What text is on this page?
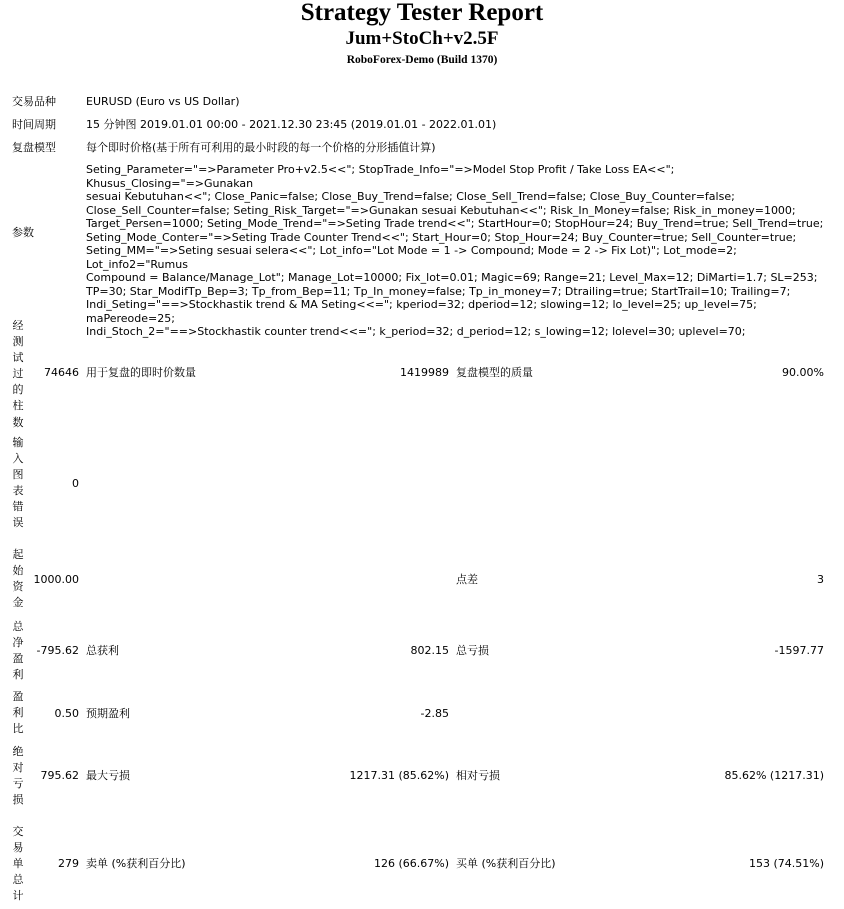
Strategy Tester Report
Jum+StoCh+v2.5F
RoboForex-Demo (Build 1370)
交易品种	EURUSD (Euro vs US Dollar)
时间周期	15 分钟图 2019.01.01 00:00 - 2021.12.30 23:45 (2019.01.01 - 2022.01.01)
复盘模型	每个即时价格(基于所有可利用的最小时段的每一个价格的分形插值计算)
参数
Seting_Parameter="=>Parameter Pro+v2.5<<"; StopTrade_Info="=>Model Stop Profit / Take Loss EA<<"; Khusus_Closing="=>Gunakan
sesuai Kebutuhan<<"; Close_Panic=false; Close_Buy_Trend=false; Close_Sell_Trend=false; Close_Buy_Counter=false;
Close_Sell_Counter=false; Seting_Risk_Target="=>Gunakan sesuai Kebutuhan<<"; Risk_In_Money=false; Risk_in_money=1000;
Target_Persen=1000; Seting_Mode_Trend="=>Seting Trade trend<<"; StartHour=0; StopHour=24; Buy_Trend=true; Sell_Trend=true;
Seting_Mode_Conter="=>Seting Trade Counter Trend<<"; Start_Hour=0; Stop_Hour=24; Buy_Counter=true; Sell_Counter=true;
Seting_MM="=>Seting sesuai selera<<"; Lot_info="Lot Mode = 1 -> Compound; Mode = 2 -> Fix Lot)"; Lot_mode=2; Lot_info2="Rumus
Compound = Balance/Manage_Lot"; Manage_Lot=10000; Fix_lot=0.01; Magic=69; Range=21; Level_Max=12; DiMarti=1.7; SL=253;
TP=30; Star_ModifTp_Bep=3; Tp_from_Bep=11; Tp_In_money=false; Tp_in_money=7; Dtrailing=true; StartTrail=10; Trailing=7;
Indi_Seting="==>Stockhastik trend & MA Seting<<="; kperiod=32; dperiod=12; slowing=12; lo_level=25; up_level=75; maPereode=25;
Indi_Stoch_2="==>Stockhastik counter trend<<="; k_period=32; d_period=12; s_lowing=12; lolevel=30; uplevel=70;
经测试过的柱数
74646 用于复盘的即时价数量	1419989 复盘模型的质量	90.00%
输入图表错误
0
起始资金
1000.00	点差	3
总净盈利
-795.62 总获利	802.15 总亏损	-1597.77
盈利比
0.50 预期盈利	-2.85
绝对亏损
795.62 最大亏损	1217.31 (85.62%) 相对亏损	85.62% (1217.31)
交易单总计
279 卖单 (%获利百分比)	126 (66.67%) 买单 (%获利百分比)	153 (74.51%)
